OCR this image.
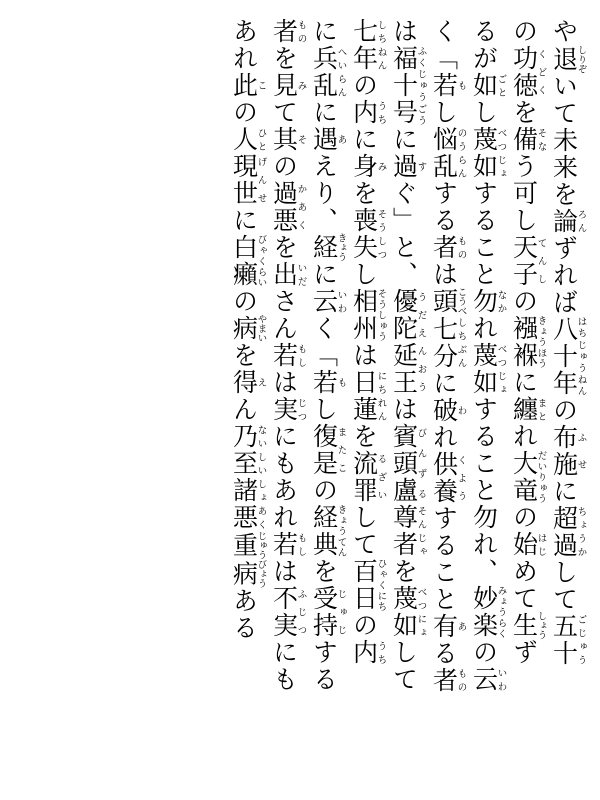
や退 しりぞいて未来を論 ろんずれば八十年 はちじゅうねんの布施 ふせに超過 ちょうかして五十 ごじゅう
の功徳 くどくを備 そなう可し天子 てんしの襁褓 きょうほうに纏 まとれ大竜 だいりゅうの始 はじめて生 しょうず
るが如 ごとし蔑如 べつじょすること勿 なかれ蔑如 べつじょすること勿れ、妙楽 みょうらくの云 いわ
く「若 もし悩乱 のうらんする者 ものは頭 こうべ七分 しちぶんに破 われ供養 くようすること有 ある者 もの
は福十号 ふくじゅうごうに過 すぐ」と、優陀延王 うだえんおうは賓頭盧 びんずる尊者 そんじゃを蔑如 べつにょして
七年 しちねんの内 うちに身 みを喪失 そうしつし相州 そうしゅうは日蓮 にちれんを流罪 るざいして百日 ひゃくにちの内 うち
に兵乱 へいらんに遇 あえり、経 きょうに云 いわく「若 もし復是 またこの経典 きょうてんを受持 じゅじする
者 ものを見 みて其 その過悪 かあくを出 いださん若 もしは実 じつにもあれ若 もしは不実 ふじつにも
あれ此 この人 ひと現世 げんせに白癩 びゃくらいの病 やまいを得 えん乃至 ないしい諸悪 しょあく重病 じゅうびょうある
